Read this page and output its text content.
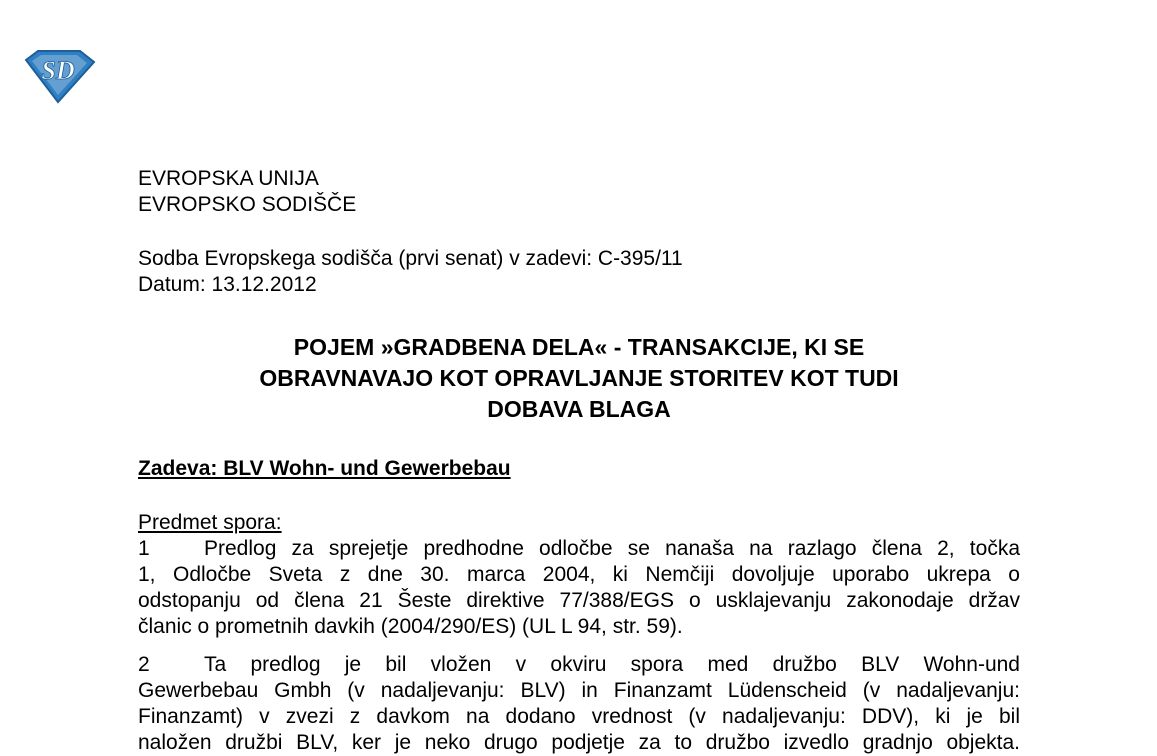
SD
EVROPSKA UNIJA
EVROPSKO SODIŠČE
Sodba Evropskega sodišča (prvi senat) v zadevi: C-395/11
Datum: 13.12.2012
POJEM »GRADBENA DELA« - TRANSAKCIJE, KI SE
OBRAVNAVAJO KOT OPRAVLJANJE STORITEV KOT TUDI
DOBAVA BLAGA
Zadeva: BLV Wohn- und Gewerbebau
Predmet spora:
1	Predlog za sprejetje predhodne odločbe se nanaša na razlago člena 2, točka
1, Odločbe Sveta z dne 30. marca 2004, ki Nemčiji dovoljuje uporabo ukrepa o
odstopanju od člena 21 Šeste direktive 77/388/EGS o usklajevanju zakonodaje držav
članic o prometnih davkih (2004/290/ES) (UL L 94, str. 59).
2	Ta predlog je bil vložen v okviru spora med družbo BLV Wohn-und
Gewerbebau Gmbh (v nadaljevanju: BLV) in Finanzamt Lüdenscheid (v nadaljevanju:
Finanzamt) v zvezi z davkom na dodano vrednost (v nadaljevanju: DDV), ki je bil
naložen družbi BLV, ker je neko drugo podjetje za to družbo izvedlo gradnjo objekta.
